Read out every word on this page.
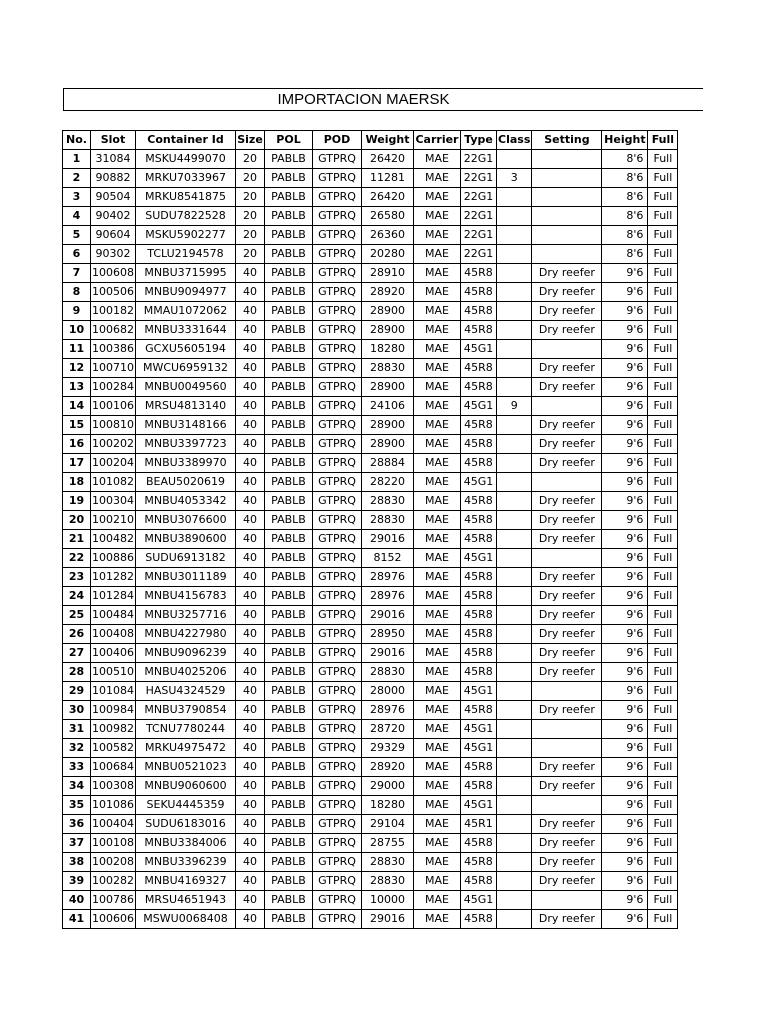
IMPORTACION MAERSK
No.	Slot	Container Id	Size	POL	POD	Weight	Carrier	Type	Class	Setting	Height	Full
1	31084	MSKU4499070	20	PABLB	GTPRQ	26420	MAE	22G1			8'6	Full
2	90882	MRKU7033967	20	PABLB	GTPRQ	11281	MAE	22G1	3		8'6	Full
3	90504	MRKU8541875	20	PABLB	GTPRQ	26420	MAE	22G1			8'6	Full
4	90402	SUDU7822528	20	PABLB	GTPRQ	26580	MAE	22G1			8'6	Full
5	90604	MSKU5902277	20	PABLB	GTPRQ	26360	MAE	22G1			8'6	Full
6	90302	TCLU2194578	20	PABLB	GTPRQ	20280	MAE	22G1			8'6	Full
7	100608	MNBU3715995	40	PABLB	GTPRQ	28910	MAE	45R8		Dry reefer	9'6	Full
8	100506	MNBU9094977	40	PABLB	GTPRQ	28920	MAE	45R8		Dry reefer	9'6	Full
9	100182	MMAU1072062	40	PABLB	GTPRQ	28900	MAE	45R8		Dry reefer	9'6	Full
10	100682	MNBU3331644	40	PABLB	GTPRQ	28900	MAE	45R8		Dry reefer	9'6	Full
11	100386	GCXU5605194	40	PABLB	GTPRQ	18280	MAE	45G1			9'6	Full
12	100710	MWCU6959132	40	PABLB	GTPRQ	28830	MAE	45R8		Dry reefer	9'6	Full
13	100284	MNBU0049560	40	PABLB	GTPRQ	28900	MAE	45R8		Dry reefer	9'6	Full
14	100106	MRSU4813140	40	PABLB	GTPRQ	24106	MAE	45G1	9		9'6	Full
15	100810	MNBU3148166	40	PABLB	GTPRQ	28900	MAE	45R8		Dry reefer	9'6	Full
16	100202	MNBU3397723	40	PABLB	GTPRQ	28900	MAE	45R8		Dry reefer	9'6	Full
17	100204	MNBU3389970	40	PABLB	GTPRQ	28884	MAE	45R8		Dry reefer	9'6	Full
18	101082	BEAU5020619	40	PABLB	GTPRQ	28220	MAE	45G1			9'6	Full
19	100304	MNBU4053342	40	PABLB	GTPRQ	28830	MAE	45R8		Dry reefer	9'6	Full
20	100210	MNBU3076600	40	PABLB	GTPRQ	28830	MAE	45R8		Dry reefer	9'6	Full
21	100482	MNBU3890600	40	PABLB	GTPRQ	29016	MAE	45R8		Dry reefer	9'6	Full
22	100886	SUDU6913182	40	PABLB	GTPRQ	8152	MAE	45G1			9'6	Full
23	101282	MNBU3011189	40	PABLB	GTPRQ	28976	MAE	45R8		Dry reefer	9'6	Full
24	101284	MNBU4156783	40	PABLB	GTPRQ	28976	MAE	45R8		Dry reefer	9'6	Full
25	100484	MNBU3257716	40	PABLB	GTPRQ	29016	MAE	45R8		Dry reefer	9'6	Full
26	100408	MNBU4227980	40	PABLB	GTPRQ	28950	MAE	45R8		Dry reefer	9'6	Full
27	100406	MNBU9096239	40	PABLB	GTPRQ	29016	MAE	45R8		Dry reefer	9'6	Full
28	100510	MNBU4025206	40	PABLB	GTPRQ	28830	MAE	45R8		Dry reefer	9'6	Full
29	101084	HASU4324529	40	PABLB	GTPRQ	28000	MAE	45G1			9'6	Full
30	100984	MNBU3790854	40	PABLB	GTPRQ	28976	MAE	45R8		Dry reefer	9'6	Full
31	100982	TCNU7780244	40	PABLB	GTPRQ	28720	MAE	45G1			9'6	Full
32	100582	MRKU4975472	40	PABLB	GTPRQ	29329	MAE	45G1			9'6	Full
33	100684	MNBU0521023	40	PABLB	GTPRQ	28920	MAE	45R8		Dry reefer	9'6	Full
34	100308	MNBU9060600	40	PABLB	GTPRQ	29000	MAE	45R8		Dry reefer	9'6	Full
35	101086	SEKU4445359	40	PABLB	GTPRQ	18280	MAE	45G1			9'6	Full
36	100404	SUDU6183016	40	PABLB	GTPRQ	29104	MAE	45R1		Dry reefer	9'6	Full
37	100108	MNBU3384006	40	PABLB	GTPRQ	28755	MAE	45R8		Dry reefer	9'6	Full
38	100208	MNBU3396239	40	PABLB	GTPRQ	28830	MAE	45R8		Dry reefer	9'6	Full
39	100282	MNBU4169327	40	PABLB	GTPRQ	28830	MAE	45R8		Dry reefer	9'6	Full
40	100786	MRSU4651943	40	PABLB	GTPRQ	10000	MAE	45G1			9'6	Full
41	100606	MSWU0068408	40	PABLB	GTPRQ	29016	MAE	45R8		Dry reefer	9'6	Full
